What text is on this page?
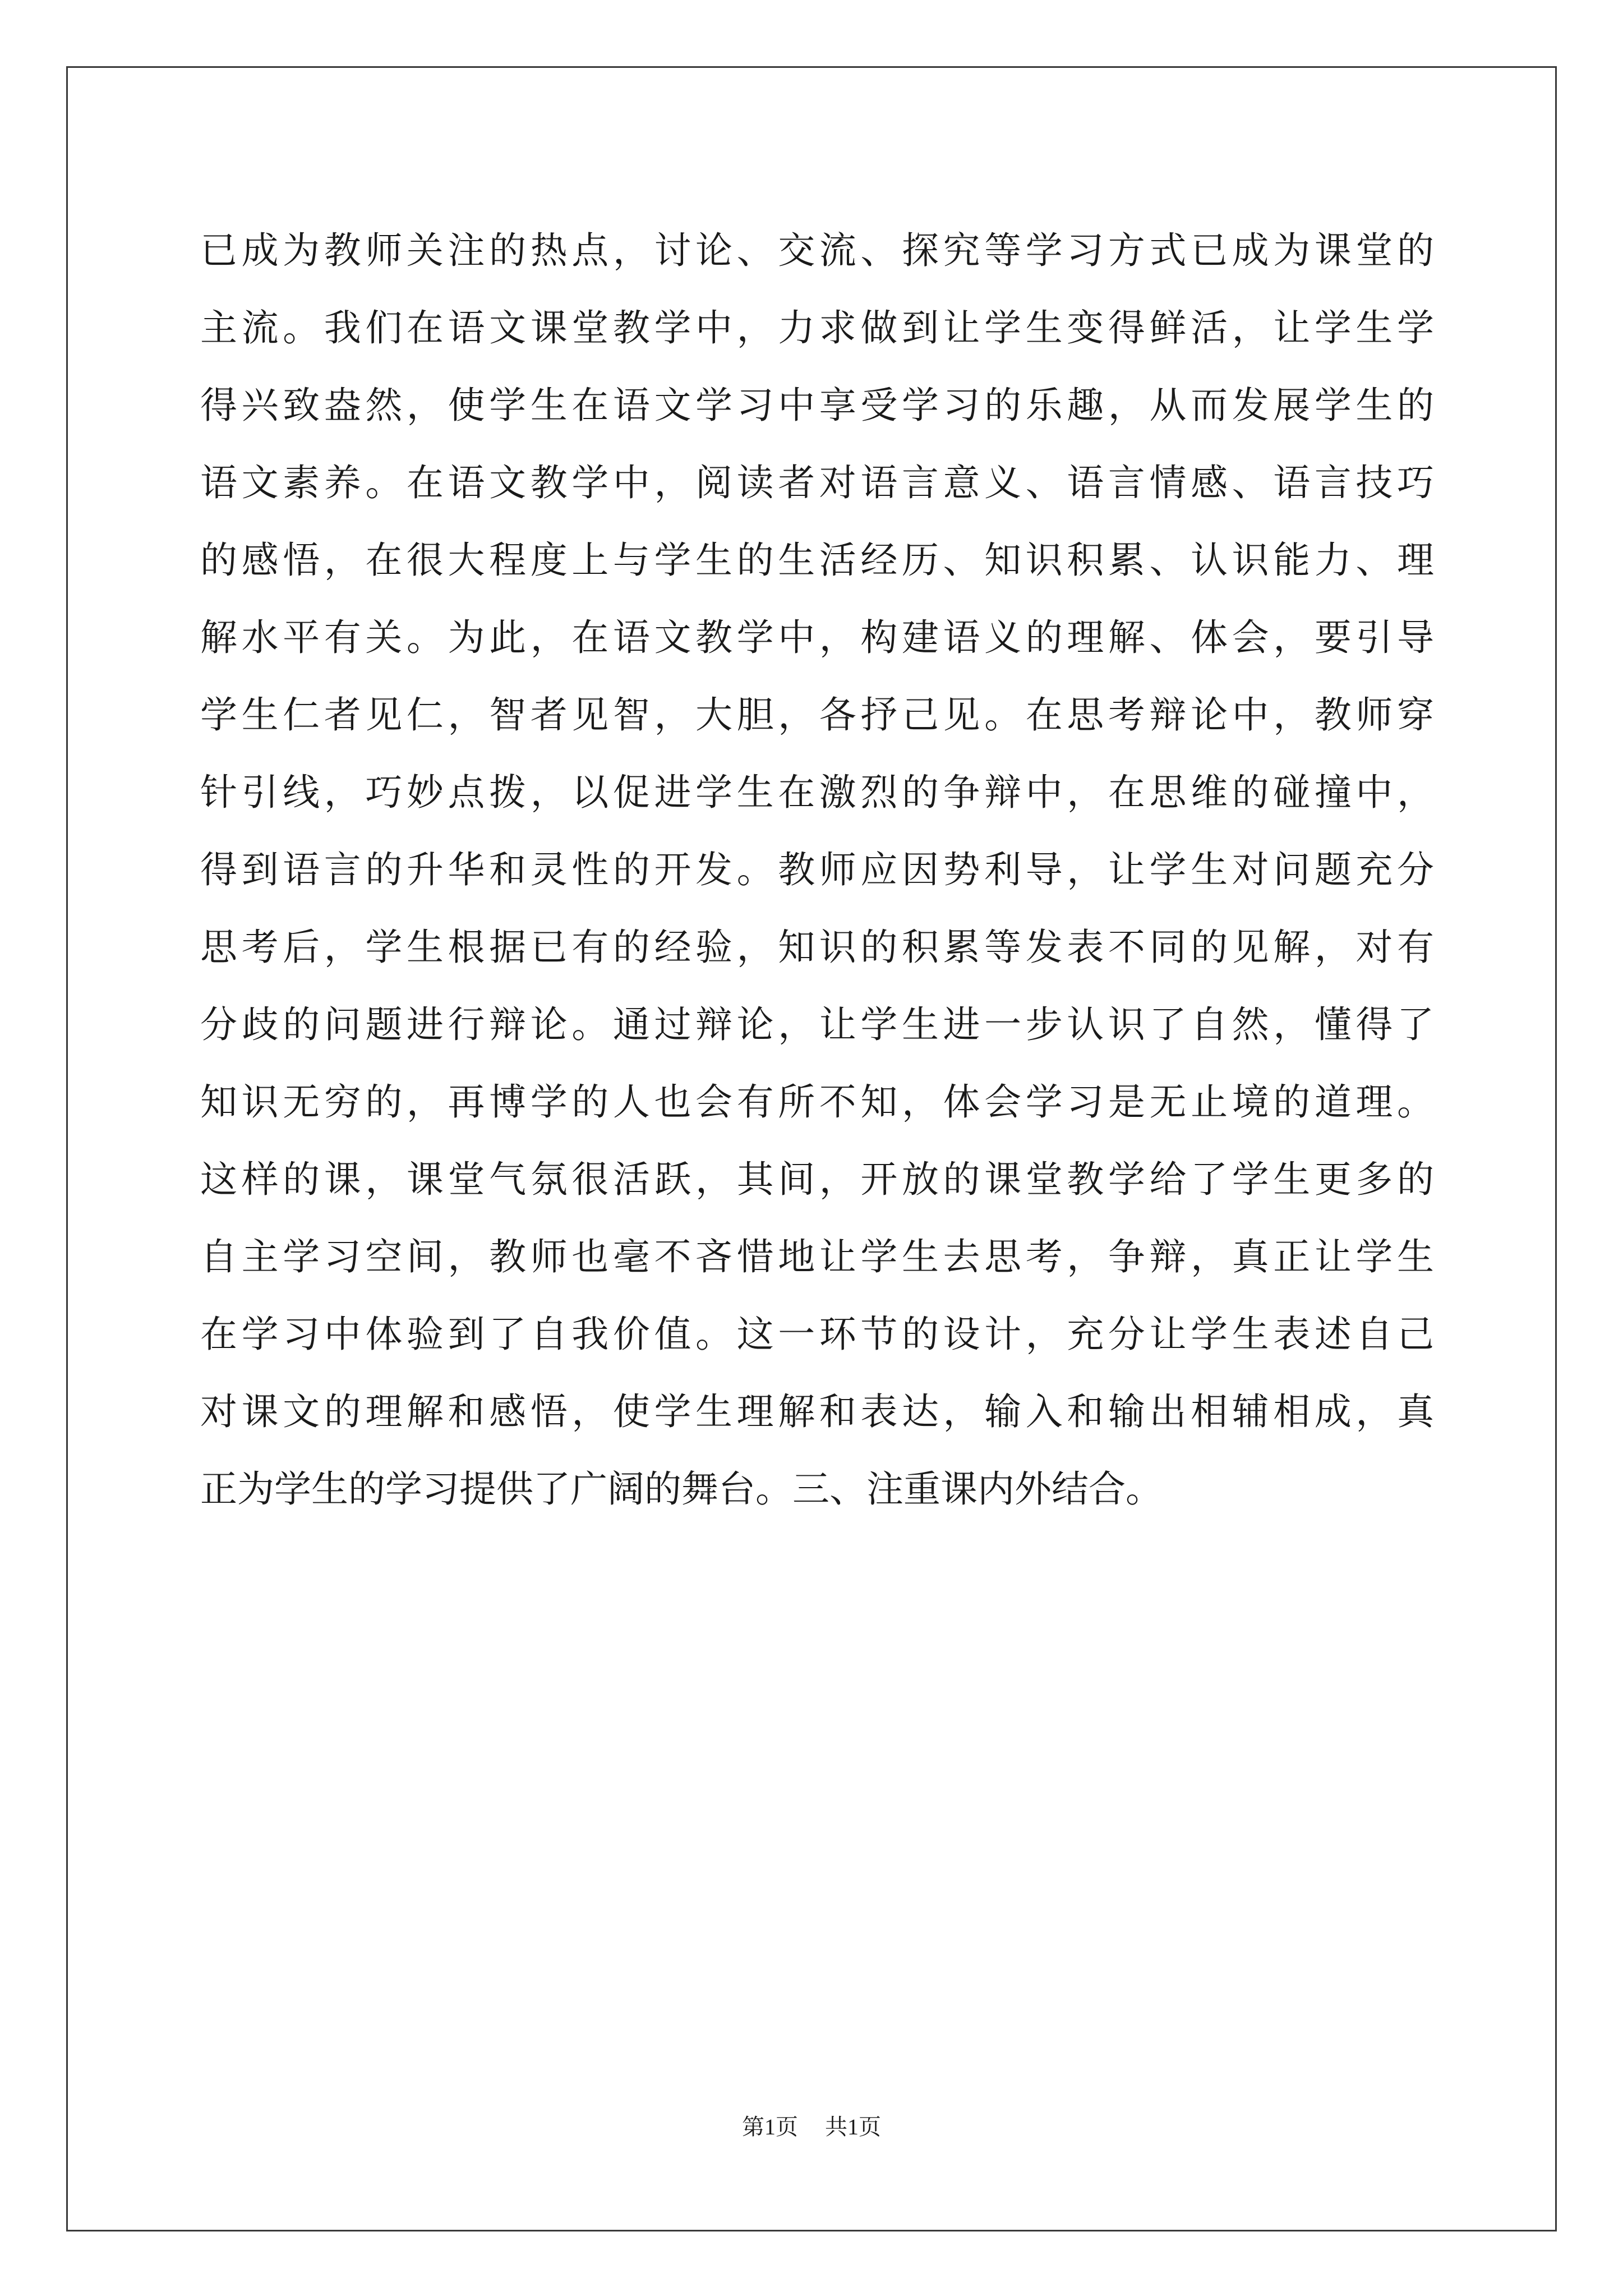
已成为教师关注的热点，讨论、交流、探究等学习方式已成为课堂的
主流。我们在语文课堂教学中，力求做到让学生变得鲜活，让学生学
得兴致盎然，使学生在语文学习中享受学习的乐趣，从而发展学生的
语文素养。在语文教学中，阅读者对语言意义、语言情感、语言技巧
的感悟，在很大程度上与学生的生活经历、知识积累、认识能力、理
解水平有关。为此，在语文教学中，构建语义的理解、体会，要引导
学生仁者见仁，智者见智，大胆，各抒己见。在思考辩论中，教师穿
针引线，巧妙点拨，以促进学生在激烈的争辩中，在思维的碰撞中，
得到语言的升华和灵性的开发。教师应因势利导，让学生对问题充分
思考后，学生根据已有的经验，知识的积累等发表不同的见解，对有
分歧的问题进行辩论。通过辩论，让学生进一步认识了自然，懂得了
知识无穷的，再博学的人也会有所不知，体会学习是无止境的道理。
这样的课，课堂气氛很活跃，其间，开放的课堂教学给了学生更多的
自主学习空间，教师也毫不吝惜地让学生去思考，争辩，真正让学生
在学习中体验到了自我价值。这一环节的设计，充分让学生表述自己
对课文的理解和感悟，使学生理解和表达，输入和输出相辅相成，真
正为学生的学习提供了广阔的舞台。三、注重课内外结合。
第1页 共1页
